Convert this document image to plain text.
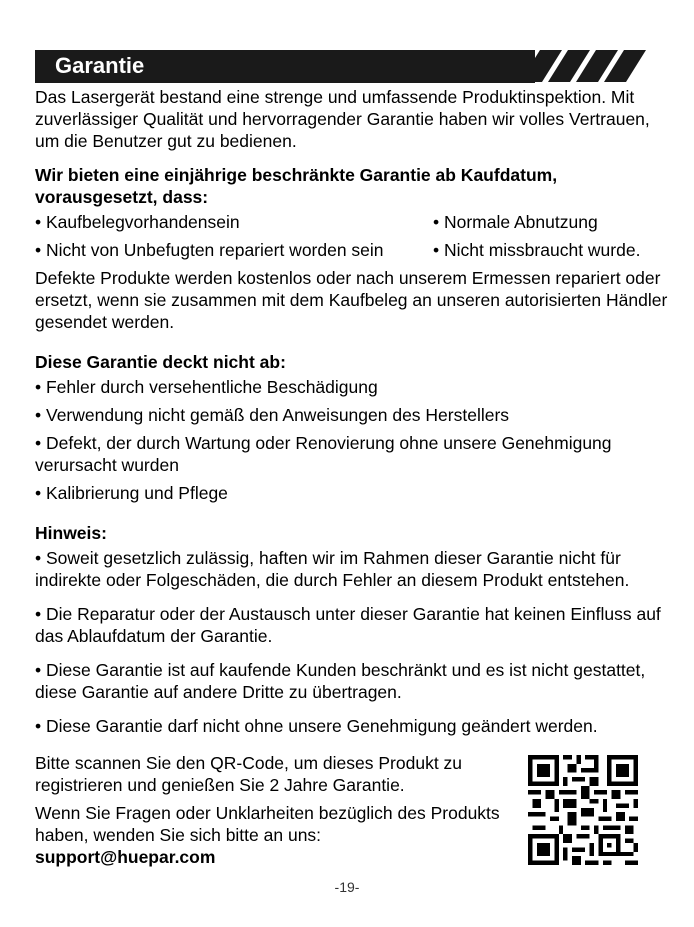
Garantie

Das Lasergerät bestand eine strenge und umfassende Produktinspektion. Mit zuverlässiger Qualität und hervorragender Garantie haben wir volles Vertrauen, um die Benutzer gut zu bedienen.

Wir bieten eine einjährige beschränkte Garantie ab Kaufdatum, vorausgesetzt, dass:

• Kaufbelegvorhandensein	• Normale Abnutzung
• Nicht von Unbefugten repariert worden sein	• Nicht missbraucht wurde.

Defekte Produkte werden kostenlos oder nach unserem Ermessen repariert oder ersetzt, wenn sie zusammen mit dem Kaufbeleg an unseren autorisierten Händler gesendet werden.

Diese Garantie deckt nicht ab:

• Fehler durch versehentliche Beschädigung

• Verwendung nicht gemäß den Anweisungen des Herstellers

• Defekt, der durch Wartung oder Renovierung ohne unsere Genehmigung verursacht wurden

• Kalibrierung und Pflege

Hinweis:

• Soweit gesetzlich zulässig, haften wir im Rahmen dieser Garantie nicht für indirekte oder Folgeschäden, die durch Fehler an diesem Produkt entstehen.

• Die Reparatur oder der Austausch unter dieser Garantie hat keinen Einfluss auf das Ablaufdatum der Garantie.

• Diese Garantie ist auf kaufende Kunden beschränkt und es ist nicht gestattet, diese Garantie auf andere Dritte zu übertragen.

• Diese Garantie darf nicht ohne unsere Genehmigung geändert werden.

Bitte scannen Sie den QR-Code, um dieses Produkt zu registrieren und genießen Sie 2 Jahre Garantie.

Wenn Sie Fragen oder Unklarheiten bezüglich des Produkts haben, wenden Sie sich bitte an uns:

support@huepar.com

-19-
